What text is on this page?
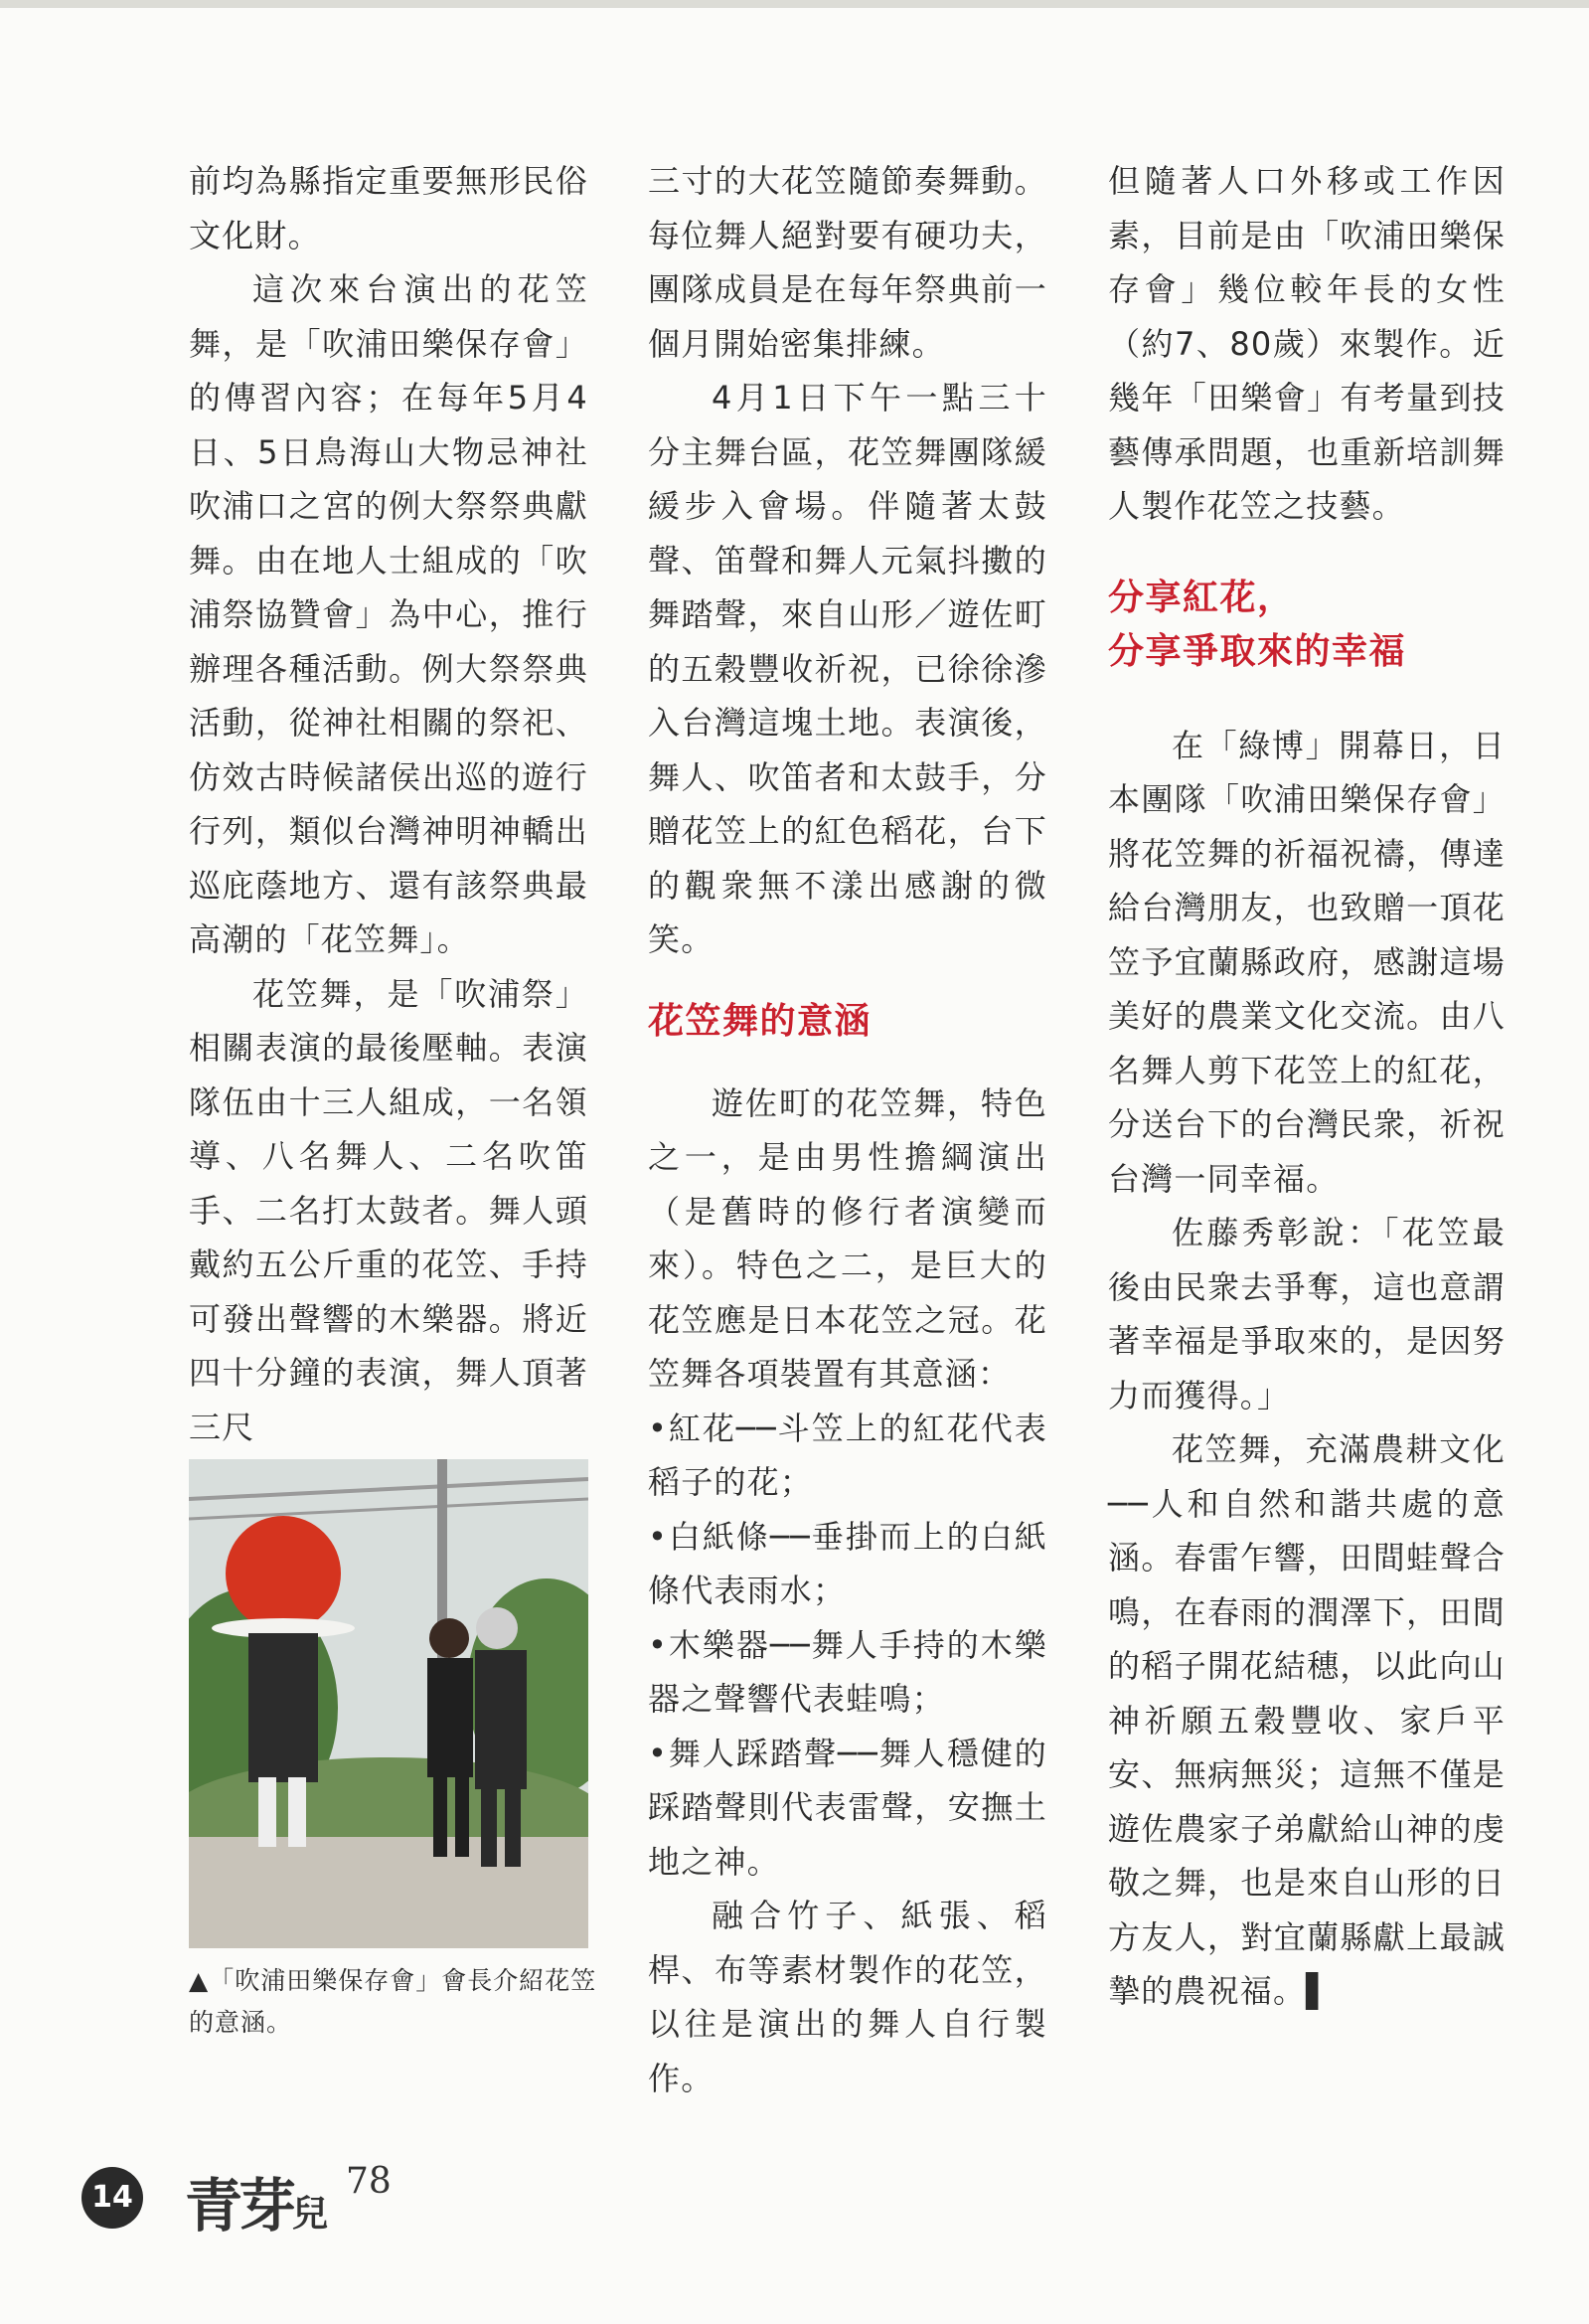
前均為縣指定重要無形民俗文化財。

這次來台演出的花笠舞，是「吹浦田樂保存會」的傳習內容；在每年5月4日、5日鳥海山大物忌神社吹浦口之宮的例大祭祭典獻舞。由在地人士組成的「吹浦祭協贊會」為中心，推行辦理各種活動。例大祭祭典活動，從神社相關的祭祀、仿效古時候諸侯出巡的遊行行列，類似台灣神明神轎出巡庇蔭地方、還有該祭典最高潮的「花笠舞」。

花笠舞，是「吹浦祭」相關表演的最後壓軸。表演隊伍由十三人組成，一名領導、八名舞人、二名吹笛手、二名打太鼓者。舞人頭戴約五公斤重的花笠、手持可發出聲響的木樂器。將近四十分鐘的表演，舞人頂著三尺

▲「吹浦田樂保存會」會長介紹花笠的意涵。

三寸的大花笠隨節奏舞動。每位舞人絕對要有硬功夫，團隊成員是在每年祭典前一個月開始密集排練。

4月1日下午一點三十分主舞台區，花笠舞團隊緩緩步入會場。伴隨著太鼓聲、笛聲和舞人元氣抖擻的舞踏聲，來自山形／遊佐町的五穀豐收祈祝，已徐徐滲入台灣這塊土地。表演後，舞人、吹笛者和太鼓手，分贈花笠上的紅色稻花，台下的觀衆無不漾出感謝的微笑。

花笠舞的意涵

遊佐町的花笠舞，特色之一，是由男性擔綱演出（是舊時的修行者演變而來）。特色之二，是巨大的花笠應是日本花笠之冠。花笠舞各項裝置有其意涵：

•紅花──斗笠上的紅花代表稻子的花；

•白紙條──垂掛而上的白紙條代表雨水；

•木樂器──舞人手持的木樂器之聲響代表蛙鳴；

•舞人踩踏聲──舞人穩健的踩踏聲則代表雷聲，安撫土地之神。

融合竹子、紙張、稻桿、布等素材製作的花笠，以往是演出的舞人自行製作。

但隨著人口外移或工作因素，目前是由「吹浦田樂保存會」幾位較年長的女性（約7、80歲）來製作。近幾年「田樂會」有考量到技藝傳承問題，也重新培訓舞人製作花笠之技藝。

分享紅花，
分享爭取來的幸福

在「綠博」開幕日，日本團隊「吹浦田樂保存會」將花笠舞的祈福祝禱，傳達給台灣朋友，也致贈一頂花笠予宜蘭縣政府，感謝這場美好的農業文化交流。由八名舞人剪下花笠上的紅花，分送台下的台灣民衆，祈祝台灣一同幸福。

佐藤秀彰說：「花笠最後由民衆去爭奪，這也意謂著幸福是爭取來的，是因努力而獲得。」

花笠舞，充滿農耕文化──人和自然和諧共處的意涵。春雷乍響，田間蛙聲合鳴，在春雨的潤澤下，田間的稻子開花結穗，以此向山神祈願五穀豐收、家戶平安、無病無災；這無不僅是遊佐農家子弟獻給山神的虔敬之舞，也是來自山形的日方友人，對宜蘭縣獻上最誠摯的農祝福。▌

14 青芽兒
78
